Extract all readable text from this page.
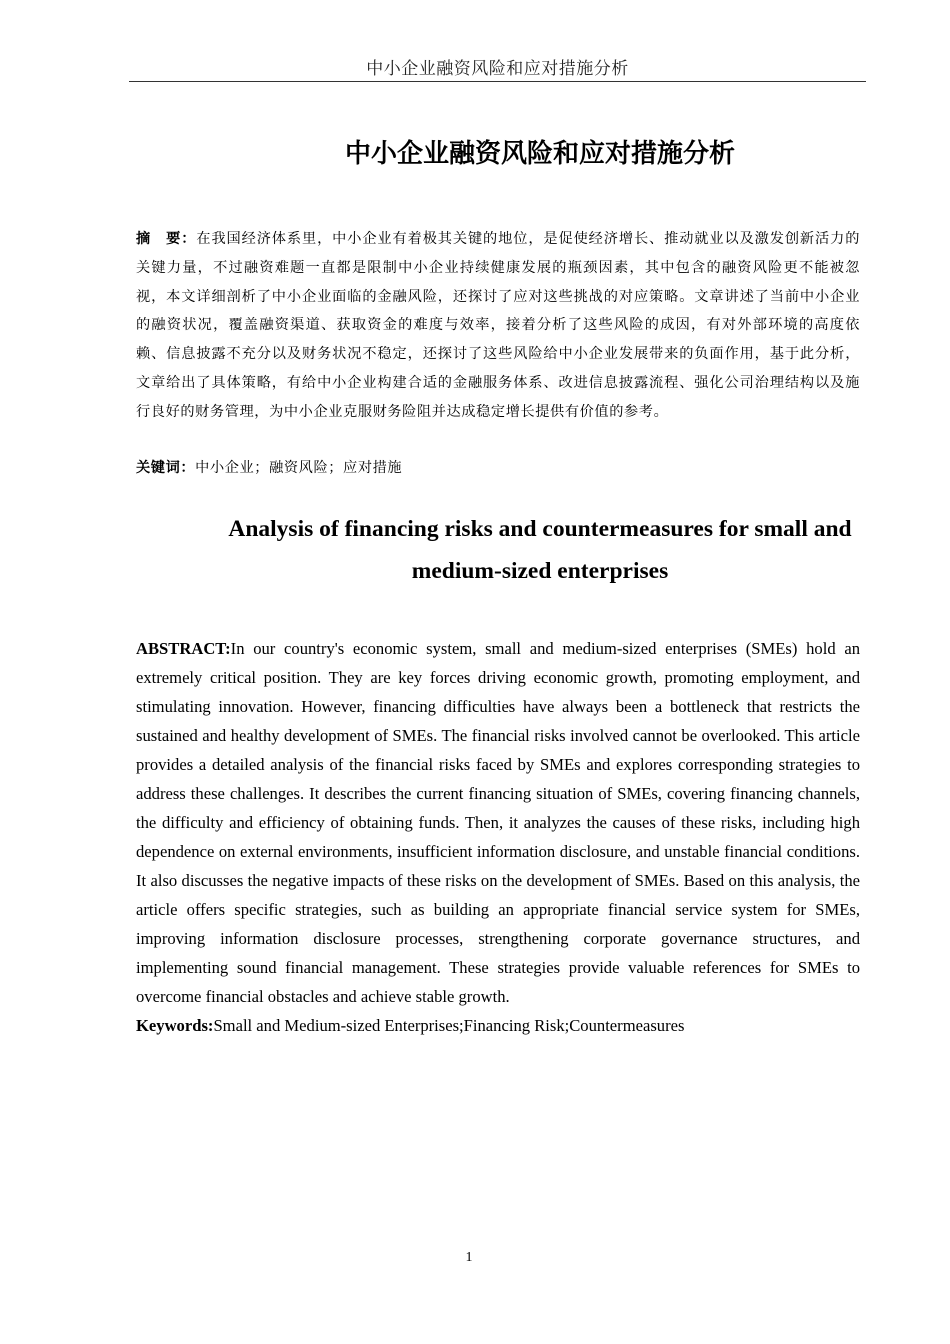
中小企业融资风险和应对措施分析
中小企业融资风险和应对措施分析
摘　要：在我国经济体系里，中小企业有着极其关键的地位，是促使经济增长、推动就业以及激发创新活力的关键力量，不过融资难题一直都是限制中小企业持续健康发展的瓶颈因素，其中包含的融资风险更不能被忽视，本文详细剖析了中小企业面临的金融风险，还探讨了应对这些挑战的对应策略。文章讲述了当前中小企业的融资状况，覆盖融资渠道、获取资金的难度与效率，接着分析了这些风险的成因，有对外部环境的高度依赖、信息披露不充分以及财务状况不稳定，还探讨了这些风险给中小企业发展带来的负面作用，基于此分析，文章给出了具体策略，有给中小企业构建合适的金融服务体系、改进信息披露流程、强化公司治理结构以及施行良好的财务管理，为中小企业克服财务险阻并达成稳定增长提供有价值的参考。
关键词：中小企业；融资风险；应对措施
Analysis of financing risks and countermeasures for small and medium-sized enterprises
ABSTRACT:In our country's economic system, small and medium-sized enterprises (SMEs) hold an extremely critical position. They are key forces driving economic growth, promoting employment, and stimulating innovation. However, financing difficulties have always been a bottleneck that restricts the sustained and healthy development of SMEs. The financial risks involved cannot be overlooked. This article provides a detailed analysis of the financial risks faced by SMEs and explores corresponding strategies to address these challenges. It describes the current financing situation of SMEs, covering financing channels, the difficulty and efficiency of obtaining funds. Then, it analyzes the causes of these risks, including high dependence on external environments, insufficient information disclosure, and unstable financial conditions. It also discusses the negative impacts of these risks on the development of SMEs. Based on this analysis, the article offers specific strategies, such as building an appropriate financial service system for SMEs, improving information disclosure processes, strengthening corporate governance structures, and implementing sound financial management. These strategies provide valuable references for SMEs to overcome financial obstacles and achieve stable growth.
Keywords:Small and Medium-sized Enterprises;Financing Risk;Countermeasures
1
